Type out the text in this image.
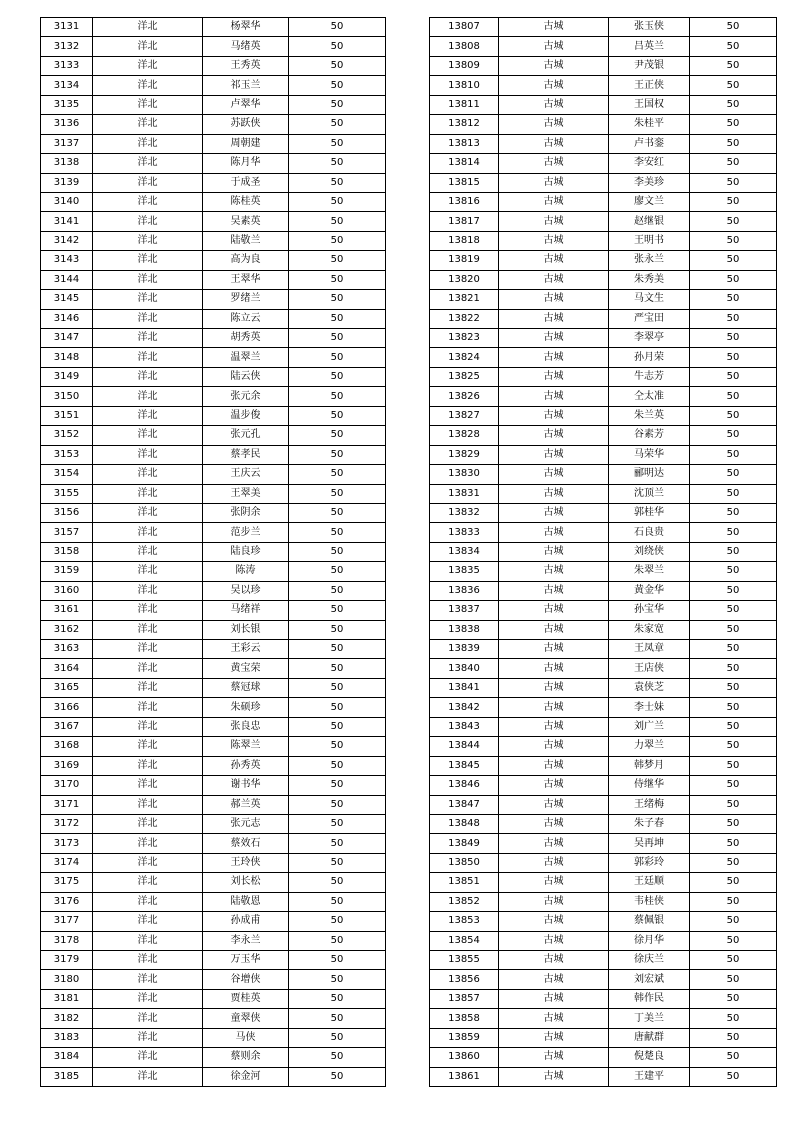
3131	洋北	杨翠华	50
3132	洋北	马绪英	50
3133	洋北	王秀英	50
3134	洋北	祁玉兰	50
3135	洋北	卢翠华	50
3136	洋北	苏跃侠	50
3137	洋北	周朝建	50
3138	洋北	陈月华	50
3139	洋北	于成圣	50
3140	洋北	陈桂英	50
3141	洋北	吴素英	50
3142	洋北	陆敬兰	50
3143	洋北	高为良	50
3144	洋北	王翠华	50
3145	洋北	罗绪兰	50
3146	洋北	陈立云	50
3147	洋北	胡秀英	50
3148	洋北	温翠兰	50
3149	洋北	陆云侠	50
3150	洋北	张元余	50
3151	洋北	温步俊	50
3152	洋北	张元孔	50
3153	洋北	蔡孝民	50
3154	洋北	王庆云	50
3155	洋北	王翠美	50
3156	洋北	张阴余	50
3157	洋北	范步兰	50
3158	洋北	陆良珍	50
3159	洋北	陈涛	50
3160	洋北	吴以珍	50
3161	洋北	马绪祥	50
3162	洋北	刘长银	50
3163	洋北	王彩云	50
3164	洋北	黄宝荣	50
3165	洋北	蔡冠球	50
3166	洋北	朱硕珍	50
3167	洋北	张良忠	50
3168	洋北	陈翠兰	50
3169	洋北	孙秀英	50
3170	洋北	谢书华	50
3171	洋北	郝兰英	50
3172	洋北	张元志	50
3173	洋北	蔡效石	50
3174	洋北	王玲侠	50
3175	洋北	刘长松	50
3176	洋北	陆敬恩	50
3177	洋北	孙成甫	50
3178	洋北	李永兰	50
3179	洋北	万玉华	50
3180	洋北	谷增侠	50
3181	洋北	贾桂英	50
3182	洋北	童翠侠	50
3183	洋北	马侠	50
3184	洋北	蔡则余	50
3185	洋北	徐金河	50
13807	古城	张玉侠	50
13808	古城	吕英兰	50
13809	古城	尹茂银	50
13810	古城	王正侠	50
13811	古城	王国权	50
13812	古城	朱桂平	50
13813	古城	卢书銮	50
13814	古城	李安红	50
13815	古城	李美珍	50
13816	古城	廖文兰	50
13817	古城	赵继银	50
13818	古城	王明书	50
13819	古城	张永兰	50
13820	古城	朱秀美	50
13821	古城	马文生	50
13822	古城	严宝田	50
13823	古城	李翠亭	50
13824	古城	孙月荣	50
13825	古城	牛志芳	50
13826	古城	仝太准	50
13827	古城	朱兰英	50
13828	古城	谷素芳	50
13829	古城	马荣华	50
13830	古城	郦明达	50
13831	古城	沈顶兰	50
13832	古城	郭桂华	50
13833	古城	石良贵	50
13834	古城	刘绕侠	50
13835	古城	朱翠兰	50
13836	古城	黄金华	50
13837	古城	孙宝华	50
13838	古城	朱家宽	50
13839	古城	王凤章	50
13840	古城	王店侠	50
13841	古城	袁侠芝	50
13842	古城	李士妹	50
13843	古城	刘广兰	50
13844	古城	力翠兰	50
13845	古城	韩梦月	50
13846	古城	侍继华	50
13847	古城	王绪梅	50
13848	古城	朱子春	50
13849	古城	吴再坤	50
13850	古城	郭彩玲	50
13851	古城	王廷顺	50
13852	古城	韦桂侠	50
13853	古城	蔡佩银	50
13854	古城	徐月华	50
13855	古城	徐庆兰	50
13856	古城	刘宏斌	50
13857	古城	韩作民	50
13858	古城	丁美兰	50
13859	古城	唐献群	50
13860	古城	倪楚良	50
13861	古城	王建平	50
